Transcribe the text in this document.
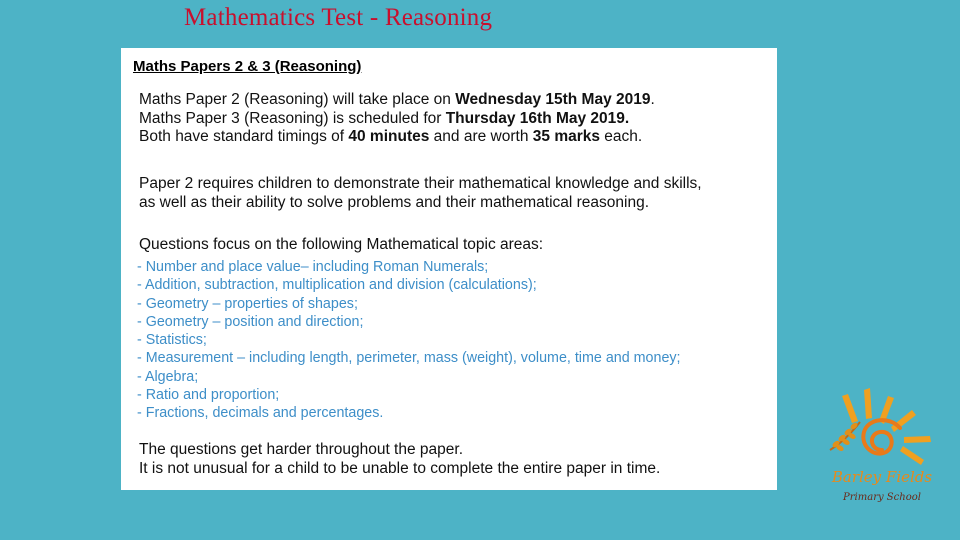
Mathematics Test - Reasoning
Maths Papers 2 & 3 (Reasoning)
Maths Paper 2 (Reasoning) will take place on Wednesday 15th May 2019.
Maths Paper 3 (Reasoning) is scheduled for Thursday 16th May 2019.
Both have standard timings of 40 minutes and are worth 35 marks each.
Paper 2 requires children to demonstrate their mathematical knowledge and skills,
as well as their ability to solve problems and their mathematical reasoning.
Questions focus on the following Mathematical topic areas:
- Number and place value– including Roman Numerals;
- Addition, subtraction, multiplication and division (calculations);
- Geometry – properties of shapes;
- Geometry – position and direction;
- Statistics;
- Measurement – including length, perimeter, mass (weight), volume, time and money;
- Algebra;
- Ratio and proportion;
- Fractions, decimals and percentages.
The questions get harder throughout the paper.
It is not unusual for a child to be unable to complete the entire paper in time.	Barley Fields
Primary School
